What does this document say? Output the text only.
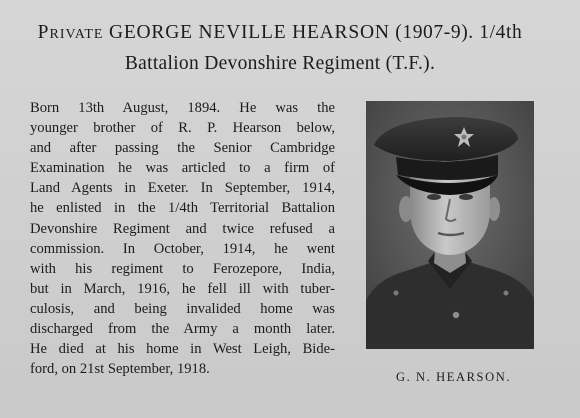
Private GEORGE NEVILLE HEARSON (1907-9). 1/4th
Battalion Devonshire Regiment (T.F.).
Born 13th August, 1894. He was the
younger brother of R. P. Hearson below,
and after passing the Senior Cambridge
Examination he was articled to a firm of
Land Agents in Exeter. In September, 1914,
he enlisted in the 1/4th Territorial Battalion
Devonshire Regiment and twice refused a
commission. In October, 1914, he went
with his regiment to Ferozepore, India,
but in March, 1916, he fell ill with tuber-
culosis, and being invalided home was
discharged from the Army a month later.
He died at his home in West Leigh, Bide-
ford, on 21st September, 1918.	G. N. HEARSON.
